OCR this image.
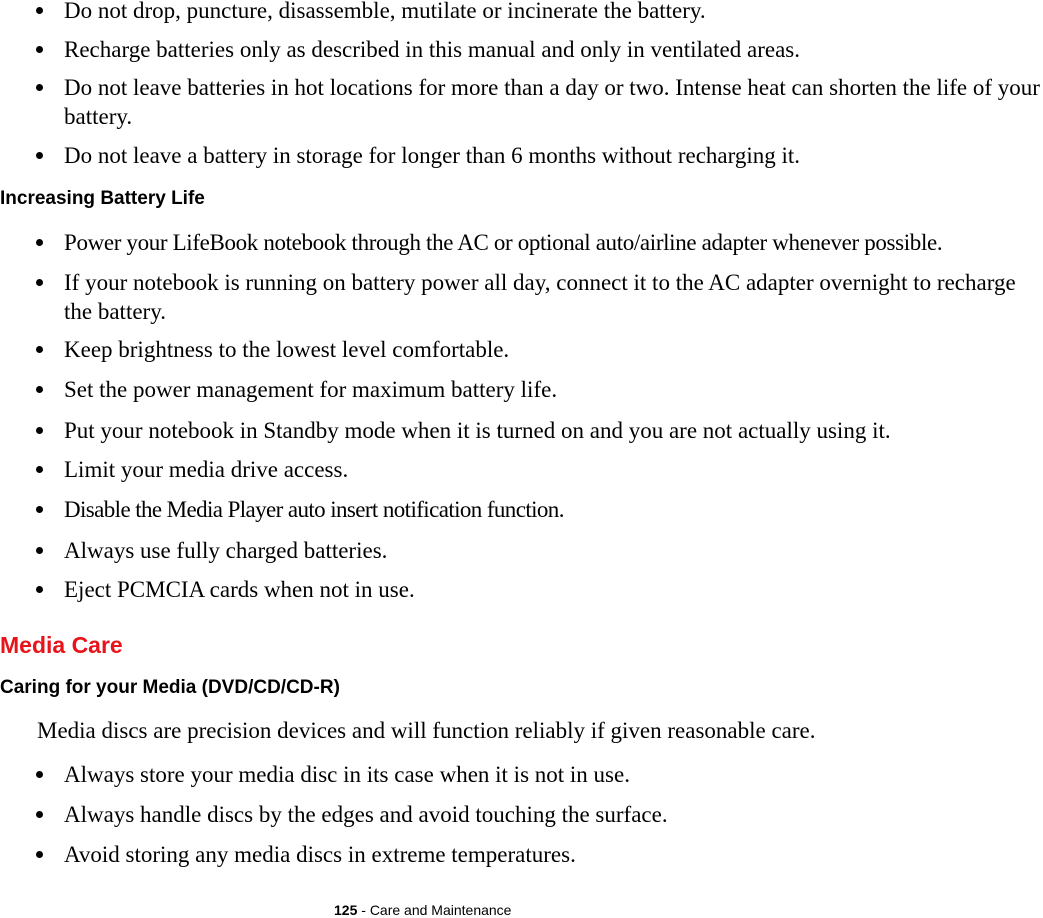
Do not drop, puncture, disassemble, mutilate or incinerate the battery.
Recharge batteries only as described in this manual and only in ventilated areas.
Do not leave batteries in hot locations for more than a day or two. Intense heat can shorten the life of your battery.
Do not leave a battery in storage for longer than 6 months without recharging it.
Increasing Battery Life
Power your LifeBook notebook through the AC or optional auto/airline adapter whenever possible.
If your notebook is running on battery power all day, connect it to the AC adapter overnight to recharge the battery.
Keep brightness to the lowest level comfortable.
Set the power management for maximum battery life.
Put your notebook in Standby mode when it is turned on and you are not actually using it.
Limit your media drive access.
Disable the Media Player auto insert notification function.
Always use fully charged batteries.
Eject PCMCIA cards when not in use.
Media Care
Caring for your Media (DVD/CD/CD-R)

Media discs are precision devices and will function reliably if given reasonable care.

Always store your media disc in its case when it is not in use.
Always handle discs by the edges and avoid touching the surface.
Avoid storing any media discs in extreme temperatures.

125 - Care and Maintenance
